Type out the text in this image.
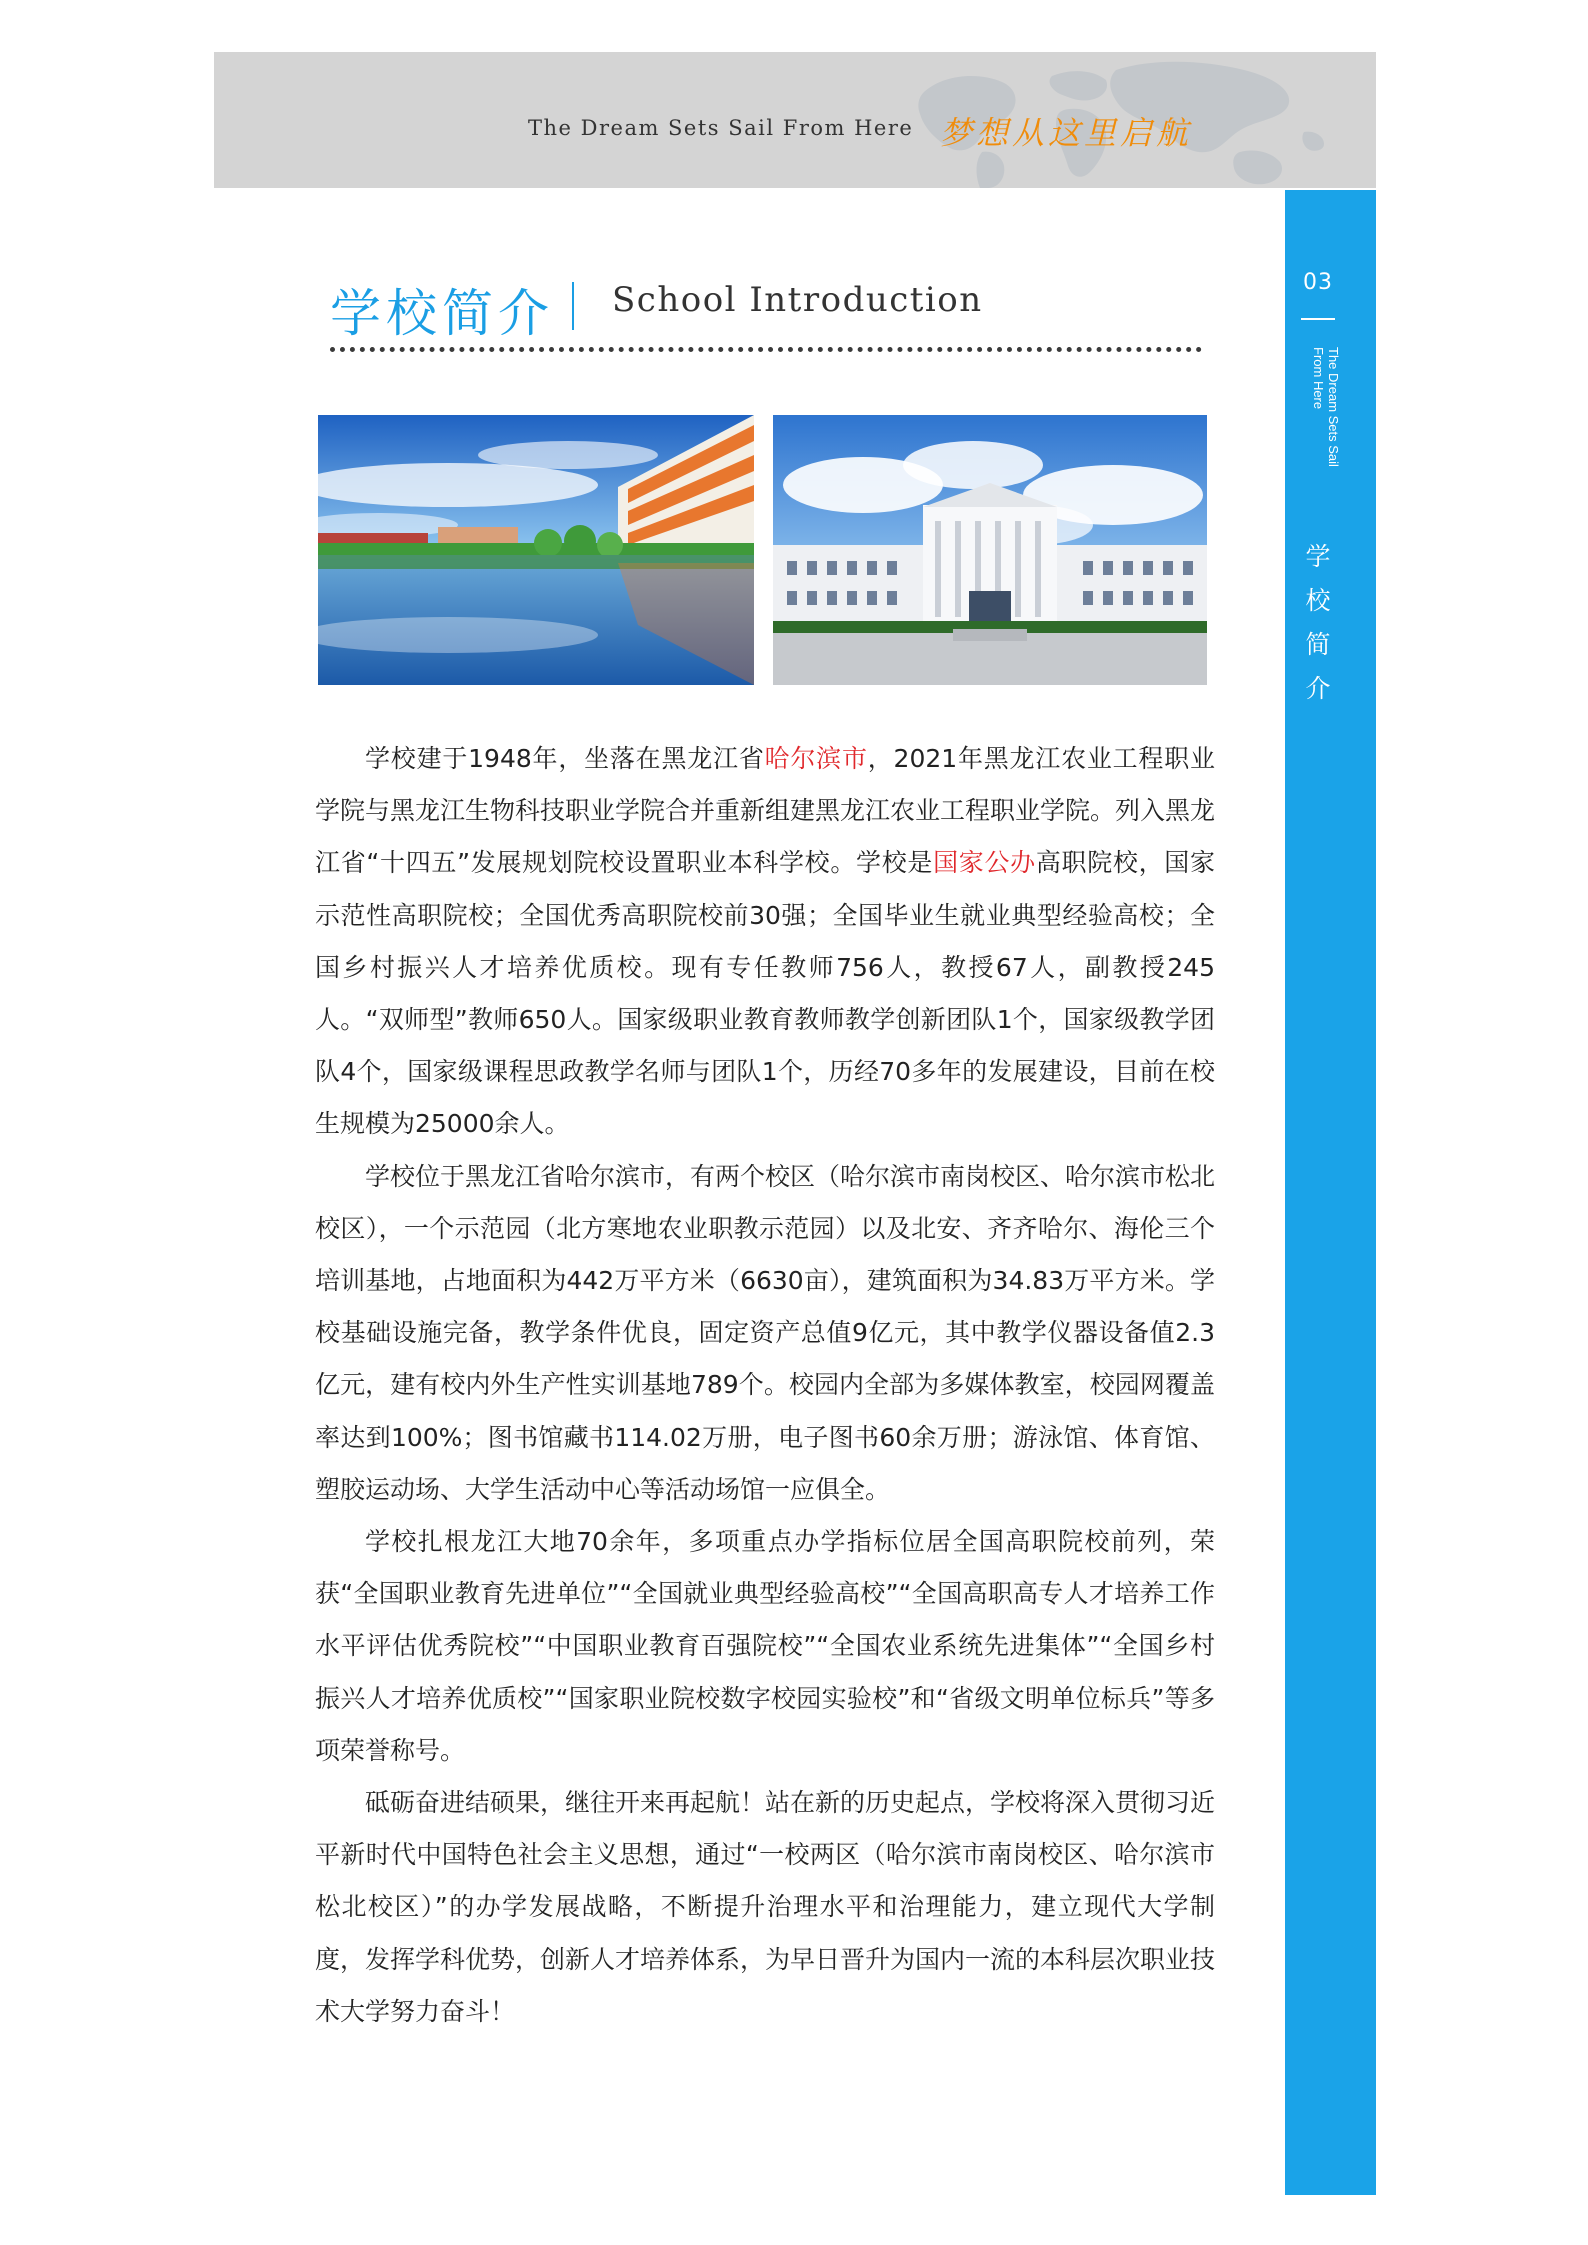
The Dream Sets Sail From Here 梦想从这里启航
03
The Dream Sets Sail From Here
学校简介
学校简介 School Introduction

学校建于1948年，坐落在黑龙江省哈尔滨市，2021年黑龙江农业工程职业学院与黑龙江生物科技职业学院合并重新组建黑龙江农业工程职业学院。列入黑龙江省“十四五”发展规划院校设置职业本科学校。学校是国家公办高职院校，国家示范性高职院校；全国优秀高职院校前30强；全国毕业生就业典型经验高校；全国乡村振兴人才培养优质校。现有专任教师756人，教授67人，副教授245人。“双师型”教师650人。国家级职业教育教师教学创新团队1个，国家级教学团队4个，国家级课程思政教学名师与团队1个，历经70多年的发展建设，目前在校生规模为25000余人。

学校位于黑龙江省哈尔滨市，有两个校区（哈尔滨市南岗校区、哈尔滨市松北校区），一个示范园（北方寒地农业职教示范园）以及北安、齐齐哈尔、海伦三个培训基地，占地面积为442万平方米（6630亩），建筑面积为34.83万平方米。学校基础设施完备，教学条件优良，固定资产总值9亿元，其中教学仪器设备值2.3亿元，建有校内外生产性实训基地789个。校园内全部为多媒体教室，校园网覆盖率达到100%；图书馆藏书114.02万册，电子图书60余万册；游泳馆、体育馆、塑胶运动场、大学生活动中心等活动场馆一应俱全。

学校扎根龙江大地70余年，多项重点办学指标位居全国高职院校前列，荣获“全国职业教育先进单位”“全国就业典型经验高校”“全国高职高专人才培养工作水平评估优秀院校”“中国职业教育百强院校”“全国农业系统先进集体”“全国乡村振兴人才培养优质校”“国家职业院校数字校园实验校”和“省级文明单位标兵”等多项荣誉称号。

砥砺奋进结硕果，继往开来再起航！站在新的历史起点，学校将深入贯彻习近平新时代中国特色社会主义思想，通过“一校两区（哈尔滨市南岗校区、哈尔滨市松北校区）”的办学发展战略，不断提升治理水平和治理能力，建立现代大学制度，发挥学科优势，创新人才培养体系，为早日晋升为国内一流的本科层次职业技术大学努力奋斗！
